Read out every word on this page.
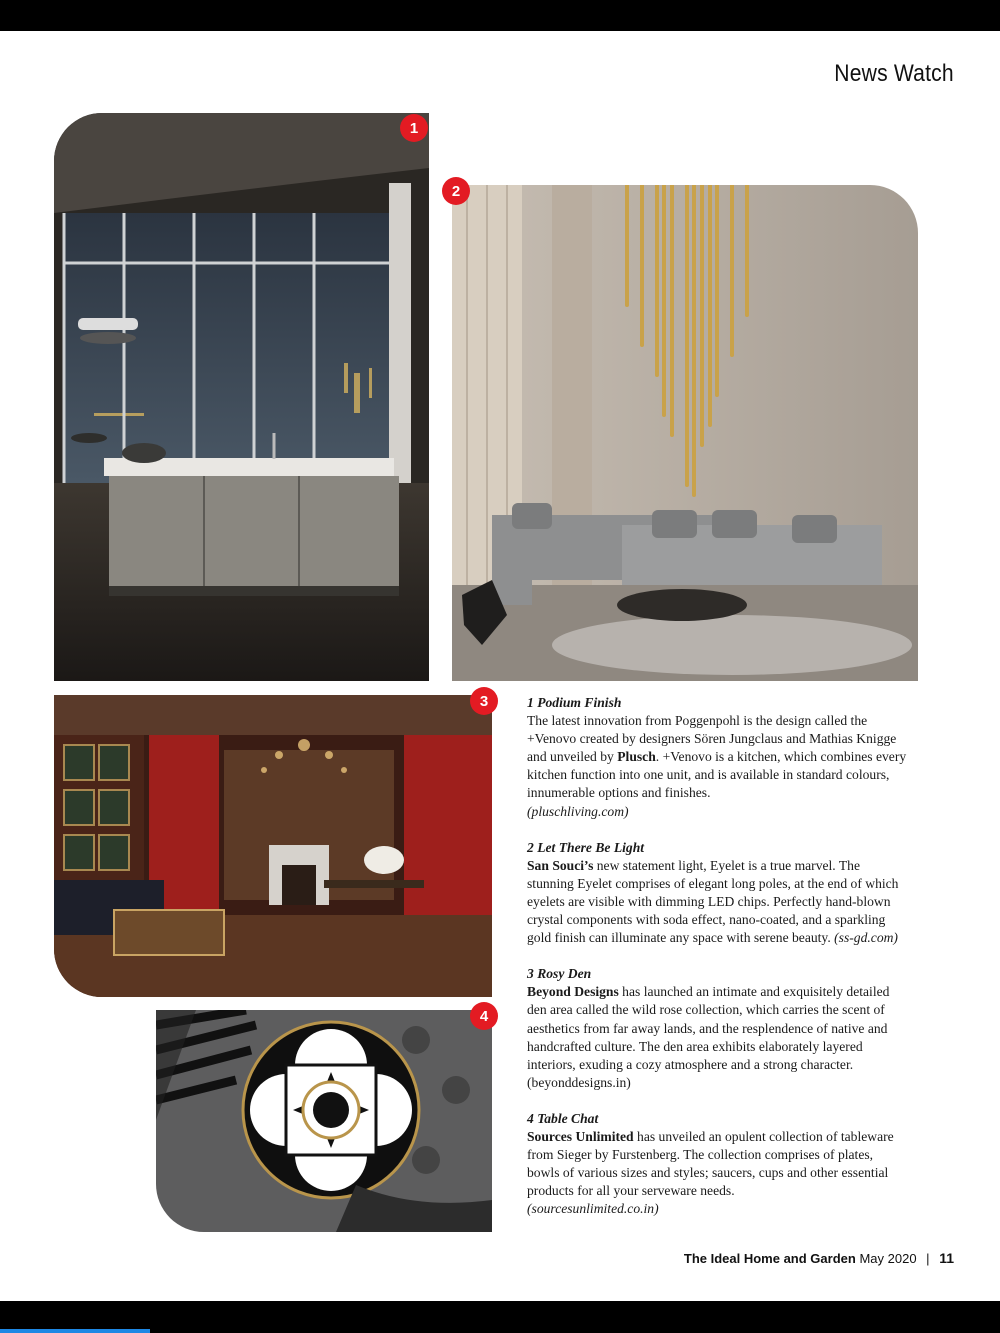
News Watch
1
2
3
4
1 Podium Finish

The latest innovation from Poggenpohl is the design called the +Venovo created by designers Sören Jungclaus and Mathias Knigge and unveiled by Plusch. +Venovo is a kitchen, which combines every kitchen function into one unit, and is available in standard colours, innumerable options and finishes.
(pluschliving.com)

2 Let There Be Light

San Souci’s new statement light, Eyelet is a true marvel. The stunning Eyelet comprises of elegant long poles, at the end of which eyelets are visible with dimming LED chips. Perfectly hand-blown crystal components with soda effect, nano-coated, and a sparkling gold finish can illuminate any space with serene beauty. (ss-gd.com)

3 Rosy Den

Beyond Designs has launched an intimate and exquisitely detailed den area called the wild rose collection, which carries the scent of aesthetics from far away lands, and the resplendence of native and handcrafted culture. The den area exhibits elaborately layered interiors, exuding a cozy atmosphere and a strong character. (beyonddesigns.in)

4 Table Chat

Sources Unlimited has unveiled an opulent collection of tableware from Sieger by Furstenberg. The collection comprises of plates, bowls of various sizes and styles; saucers, cups and other essential products for all your serveware needs.
(sourcesunlimited.co.in)

The Ideal Home and Garden May 2020 | 11
